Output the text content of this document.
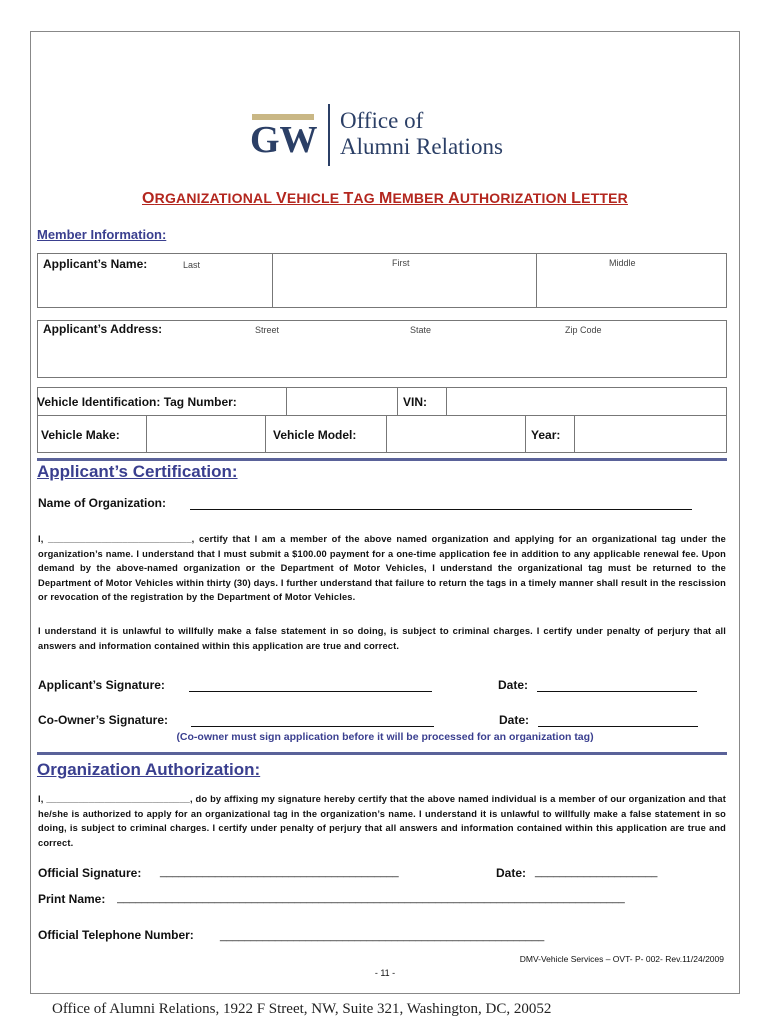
GW Office of
Alumni Relations
ORGANIZATIONAL VEHICLE TAG MEMBER AUTHORIZATION LETTER
Member Information:
Applicant’s Name:	Last	First	Middle
Applicant’s Address:	Street	State	Zip Code
Vehicle Identification: Tag Number:	VIN:
Vehicle Make:	Vehicle Model:	Year:
Applicant’s Certification:
Name of Organization:
I, ___________________________, certify that I am a member of the above named organization and applying for an organizational tag under the organization’s name. I understand that I must submit a $100.00 payment for a one-time application fee in addition to any applicable renewal fee. Upon demand by the above-named organization or the Department of Motor Vehicles, I understand the organizational tag must be returned to the Department of Motor Vehicles within thirty (30) days. I further understand that failure to return the tags in a timely manner shall result in the rescission or revocation of the registration by the Department of Motor Vehicles.
I understand it is unlawful to willfully make a false statement in so doing, is subject to criminal charges. I certify under penalty of perjury that all answers and information contained within this application are true and correct.
Applicant’s Signature:	Date:
Co-Owner’s Signature:	Date:
(Co-owner must sign application before it will be processed for an organization tag)
Organization Authorization:
I, ___________________________, do by affixing my signature hereby certify that the above named individual is a member of our organization and that he/she is authorized to apply for an organizational tag in the organization’s name. I understand it is unlawful to willfully make a false statement in so doing, is subject to criminal charges. I certify under penalty of perjury that all answers and information contained within this application are true and correct.
Official Signature: _______________________________________	Date: ____________________
Print Name: ___________________________________________________________________________________
Official Telephone Number: _____________________________________________________
DMV-Vehicle Services – OVT- P- 002- Rev.11/24/2009
- 11 -
Office of Alumni Relations, 1922 F Street, NW, Suite 321, Washington, DC, 20052
